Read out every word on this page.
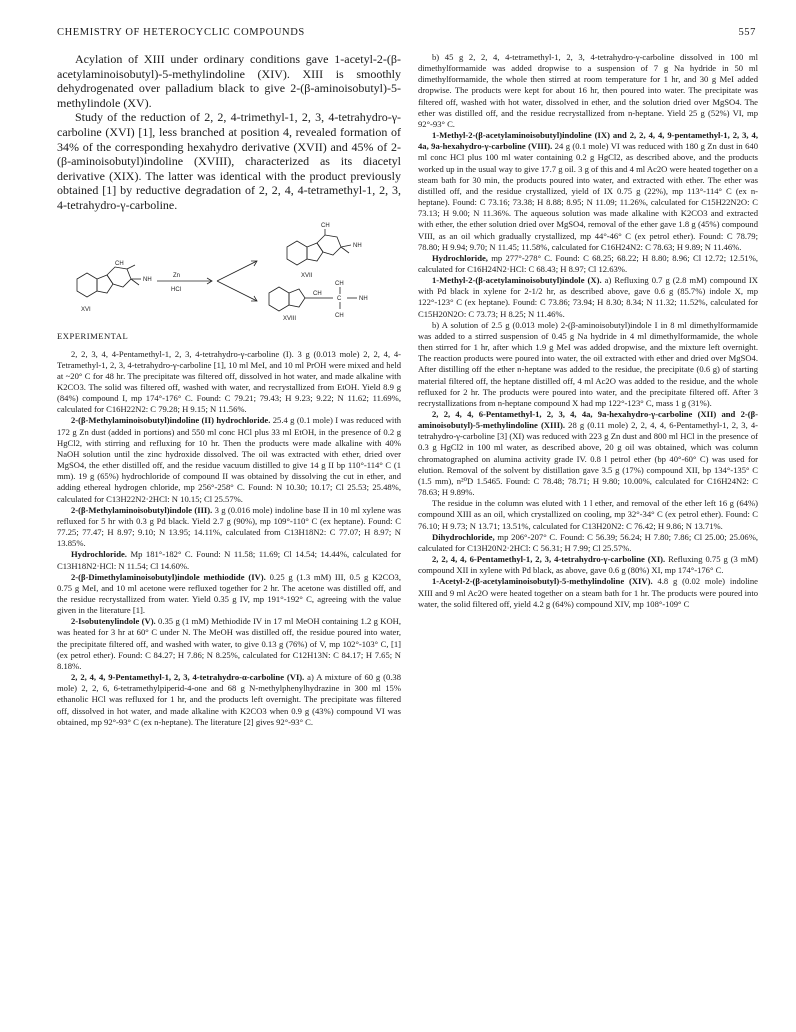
CHEMISTRY OF HETEROCYCLIC COMPOUNDS	557

Acylation of XIII under ordinary conditions gave 1-acetyl-2-(β-acetylaminoisobutyl)-5-methylindoline (XIV). XIII is smoothly dehydrogenated over palladium black to give 2-(β-aminoisobutyl)-5-methylindole (XV).

Study of the reduction of 2, 2, 4-trimethyl-1, 2, 3, 4-tetrahydro-γ-carboline (XVI) [1], less branched at position 4, revealed formation of 34% of the corresponding hexahydro derivative (XVII) and 45% of 2-(β-aminoisobutyl)indoline (XVIII), characterized as its diacetyl derivative (XIX). The latter was identical with the product previously obtained [1] by reductive degradation of 2, 2, 4, 4-tetramethyl-1, 2, 3, 4-tetrahydro-γ-carboline.

XVI
Zn
HCl
CH
NH
XVII
CH
NH
XVIII
CH
C	NH
CH
CH
EXPERIMENTAL

2, 2, 3, 4, 4-Pentamethyl-1, 2, 3, 4-tetrahydro-γ-carboline (I). 3 g (0.013 mole) 2, 2, 4, 4-Tetramethyl-1, 2, 3, 4-tetrahydro-γ-carboline [1], 10 ml MeI, and 10 ml PrOH were mixed and held at ~20° C for 48 hr. The precipitate was filtered off, dissolved in hot water, and made alkaline with K2CO3. The solid was filtered off, washed with water, and recrystallized from EtOH. Yield 8.9 g (84%) compound I, mp 174°-176° C. Found: C 79.21; 79.43; H 9.23; 9.22; N 11.62; 11.69%, calculated for C16H22N2: C 79.28; H 9.15; N 11.56%.

2-(β-Methylaminoisobutyl)indoline (II) hydrochloride. 25.4 g (0.1 mole) I was reduced with 172 g Zn dust (added in portions) and 550 ml conc HCl plus 33 ml EtOH, in the presence of 0.2 g HgCl2, with stirring and refluxing for 10 hr. Then the products were made alkaline with 40% NaOH solution until the zinc hydroxide dissolved. The oil was extracted with ether, dried over MgSO4, the ether distilled off, and the residue vacuum distilled to give 14 g II bp 110°-114° C (1 mm). 19 g (65%) hydrochloride of compound II was obtained by dissolving the cut in ether, and adding ethereal hydrogen chloride, mp 256°-258° C. Found: N 10.30; 10.17; Cl 25.53; 25.48%, calculated for C13H22N2·2HCl: N 10.15; Cl 25.57%.

2-(β-Methylaminoisobutyl)indole (III). 3 g (0.016 mole) indoline base II in 10 ml xylene was refluxed for 5 hr with 0.3 g Pd black. Yield 2.7 g (90%), mp 109°-110° C (ex heptane). Found: C 77.25; 77.47; H 8.97; 9.10; N 13.95; 14.11%, calculated from C13H18N2: C 77.07; H 8.97; N 13.85%.

Hydrochloride. Mp 181°-182° C. Found: N 11.58; 11.69; Cl 14.54; 14.44%, calculated for C13H18N2·HCl: N 11.54; Cl 14.60%.

2-(β-Dimethylaminoisobutyl)indole methiodide (IV). 0.25 g (1.3 mM) III, 0.5 g K2CO3, 0.75 g MeI, and 10 ml acetone were refluxed together for 2 hr. The acetone was distilled off, and the residue recrystallized from water. Yield 0.35 g IV, mp 191°-192° C, agreeing with the value given in the literature [1].

2-Isobutenylindole (V). 0.35 g (1 mM) Methiodide IV in 17 ml MeOH containing 1.2 g KOH, was heated for 3 hr at 60° C under N. The MeOH was distilled off, the residue poured into water, the precipitate filtered off, and washed with water, to give 0.13 g (76%) of V, mp 102°-103° C, [1] (ex petrol ether). Found: C 84.27; H 7.86; N 8.25%, calculated for C12H13N: C 84.17; H 7.65; N 8.18%.

2, 2, 4, 4, 9-Pentamethyl-1, 2, 3, 4-tetrahydro-α-carboline (VI). a) A mixture of 60 g (0.38 mole) 2, 2, 6, 6-tetramethylpiperid-4-one and 68 g N-methylphenylhydrazine in 300 ml 15% ethanolic HCl was refluxed for 1 hr, and the products left overnight. The precipitate was filtered off, dissolved in hot water, and made alkaline with K2CO3 when 0.9 g (43%) compound VI was obtained, mp 92°-93° C (ex n-heptane). The literature [2] gives 92°-93° C.

b) 45 g 2, 2, 4, 4-tetramethyl-1, 2, 3, 4-tetrahydro-γ-carboline dissolved in 100 ml dimethylformamide was added dropwise to a suspension of 7 g Na hydride in 50 ml dimethylformamide, the whole then stirred at room temperature for 1 hr, and 30 g MeI added dropwise. The products were kept for about 16 hr, then poured into water. The precipitate was filtered off, washed with hot water, dissolved in ether, and the solution dried over MgSO4. The ether was distilled off, and the residue recrystallized from n-heptane. Yield 25 g (52%) VI, mp 92°-93° C.

1-Methyl-2-(β-acetylaminoisobutyl)indoline (IX) and 2, 2, 4, 4, 9-pentamethyl-1, 2, 3, 4, 4a, 9a-hexahydro-γ-carboline (VIII). 24 g (0.1 mole) VI was reduced with 180 g Zn dust in 640 ml conc HCl plus 100 ml water containing 0.2 g HgCl2, as described above, and the products worked up in the usual way to give 17.7 g oil. 3 g of this and 4 ml Ac2O were heated together on a steam bath for 30 min, the products poured into water, and extracted with ether. The ether was distilled off, and the residue crystallized, yield of IX 0.75 g (22%), mp 113°-114° C (ex n-heptane). Found: C 73.16; 73.38; H 8.88; 8.95; N 11.09; 11.26%, calculated for C15H22N2O: C 73.13; H 9.00; N 11.36%. The aqueous solution was made alkaline with K2CO3 and extracted with ether, the ether solution dried over MgSO4, removal of the ether gave 1.8 g (45%) compound VIII, as an oil which gradually crystallized, mp 44°-46° C (ex petrol ether). Found: C 78.79; 78.80; H 9.94; 9.70; N 11.45; 11.58%, calculated for C16H24N2: C 78.63; H 9.89; N 11.46%.

Hydrochloride, mp 277°-278° C. Found: C 68.25; 68.22; H 8.80; 8.96; Cl 12.72; 12.51%, calculated for C16H24N2·HCl: C 68.43; H 8.97; Cl 12.63%.

1-Methyl-2-(β-acetylaminoisobutyl)indole (X). a) Refluxing 0.7 g (2.8 mM) compound IX with Pd black in xylene for 2-1/2 hr, as described above, gave 0.6 g (85.7%) indole X, mp 122°-123° C (ex heptane). Found: C 73.86; 73.94; H 8.30; 8.34; N 11.32; 11.52%, calculated for C15H20N2O: C 73.73; H 8.25; N 11.46%.

b) A solution of 2.5 g (0.013 mole) 2-(β-aminoisobutyl)indole I in 8 ml dimethylformamide was added to a stirred suspension of 0.45 g Na hydride in 4 ml dimethylformamide, the whole then stirred for 1 hr, after which 1.9 g MeI was added dropwise, and the mixture left overnight. The reaction products were poured into water, the oil extracted with ether and dried over MgSO4. After distilling off the ether n-heptane was added to the residue, the precipitate (0.6 g) of starting material filtered off, the heptane distilled off, 4 ml Ac2O was added to the residue, and the whole refluxed for 2 hr. The products were poured into water, and the precipitate filtered off. After 3 recrystallizations from n-heptane compound X had mp 122°-123° C, mass 1 g (31%).

2, 2, 4, 4, 6-Pentamethyl-1, 2, 3, 4, 4a, 9a-hexahydro-γ-carboline (XII) and 2-(β-aminoisobutyl)-5-methylindoline (XIII). 28 g (0.11 mole) 2, 2, 4, 4, 6-Pentamethyl-1, 2, 3, 4-tetrahydro-γ-carboline [3] (XI) was reduced with 223 g Zn dust and 800 ml HCl in the presence of 0.3 g HgCl2 in 100 ml water, as described above, 20 g oil was obtained, which was column chromatographed on alumina activity grade IV. 0.8 l petrol ether (bp 40°-60° C) was used for elution. Removal of the solvent by distillation gave 3.5 g (17%) compound XII, bp 134°-135° C (1.5 mm), n²⁰D 1.5465. Found: C 78.48; 78.71; H 9.80; 10.00%, calculated for C16H24N2: C 78.63; H 9.89%.

The residue in the column was eluted with 1 l ether, and removal of the ether left 16 g (64%) compound XIII as an oil, which crystallized on cooling, mp 32°-34° C (ex petrol ether). Found: C 76.10; H 9.73; N 13.71; 13.51%, calculated for C13H20N2: C 76.42; H 9.86; N 13.71%.

Dihydrochloride, mp 206°-207° C. Found: C 56.39; 56.24; H 7.80; 7.86; Cl 25.00; 25.06%, calculated for C13H20N2·2HCl: C 56.31; H 7.99; Cl 25.57%.

2, 2, 4, 4, 6-Pentamethyl-1, 2, 3, 4-tetrahydro-γ-carboline (XI). Refluxing 0.75 g (3 mM) compound XII in xylene with Pd black, as above, gave 0.6 g (80%) XI, mp 174°-176° C.

1-Acetyl-2-(β-acetylaminoisobutyl)-5-methylindoline (XIV). 4.8 g (0.02 mole) indoline XIII and 9 ml Ac2O were heated together on a steam bath for 1 hr. The products were poured into water, the solid filtered off, yield 4.2 g (64%) compound XIV, mp 108°-109° C
